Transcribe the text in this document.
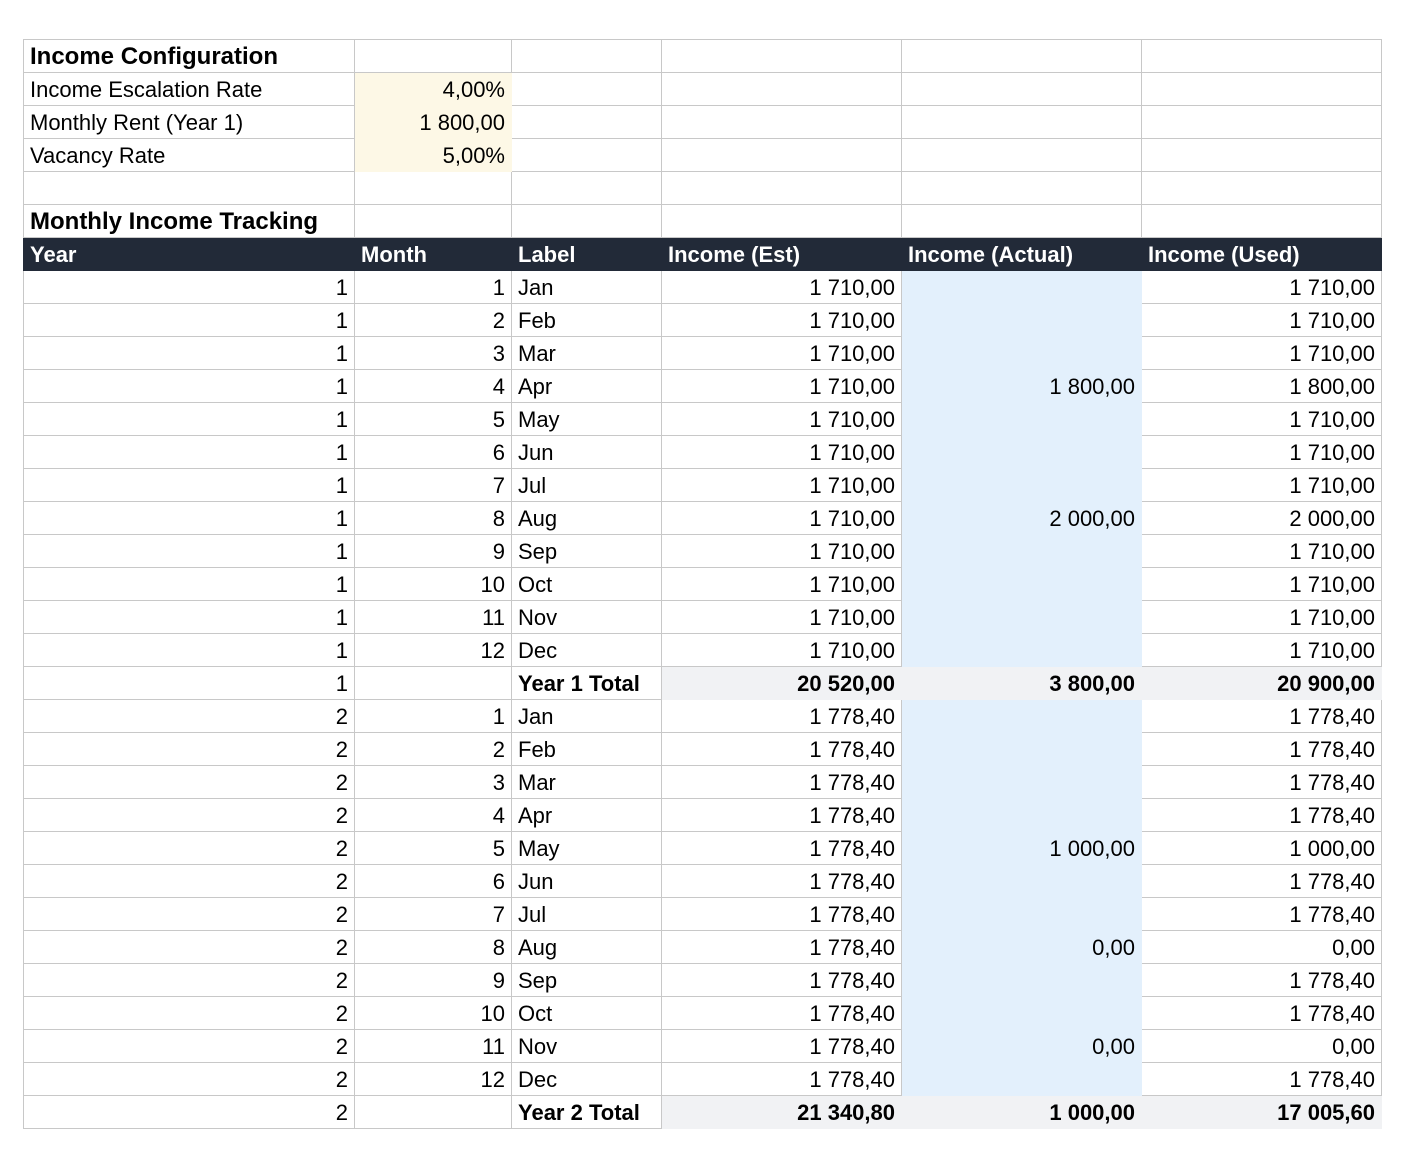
Income Configuration					
Income Escalation Rate	4,00%				
Monthly Rent (Year 1)	1 800,00				
Vacancy Rate	5,00%				

Monthly Income Tracking					
Year	Month	Label	Income (Est)	Income (Actual)	Income (Used)
1	1	Jan	1 710,00		1 710,00
1	2	Feb	1 710,00		1 710,00
1	3	Mar	1 710,00		1 710,00
1	4	Apr	1 710,00	1 800,00	1 800,00
1	5	May	1 710,00		1 710,00
1	6	Jun	1 710,00		1 710,00
1	7	Jul	1 710,00		1 710,00
1	8	Aug	1 710,00	2 000,00	2 000,00
1	9	Sep	1 710,00		1 710,00
1	10	Oct	1 710,00		1 710,00
1	11	Nov	1 710,00		1 710,00
1	12	Dec	1 710,00		1 710,00
1		Year 1 Total	20 520,00	3 800,00	20 900,00
2	1	Jan	1 778,40		1 778,40
2	2	Feb	1 778,40		1 778,40
2	3	Mar	1 778,40		1 778,40
2	4	Apr	1 778,40		1 778,40
2	5	May	1 778,40	1 000,00	1 000,00
2	6	Jun	1 778,40		1 778,40
2	7	Jul	1 778,40		1 778,40
2	8	Aug	1 778,40	0,00	0,00
2	9	Sep	1 778,40		1 778,40
2	10	Oct	1 778,40		1 778,40
2	11	Nov	1 778,40	0,00	0,00
2	12	Dec	1 778,40		1 778,40
2		Year 2 Total	21 340,80	1 000,00	17 005,60
